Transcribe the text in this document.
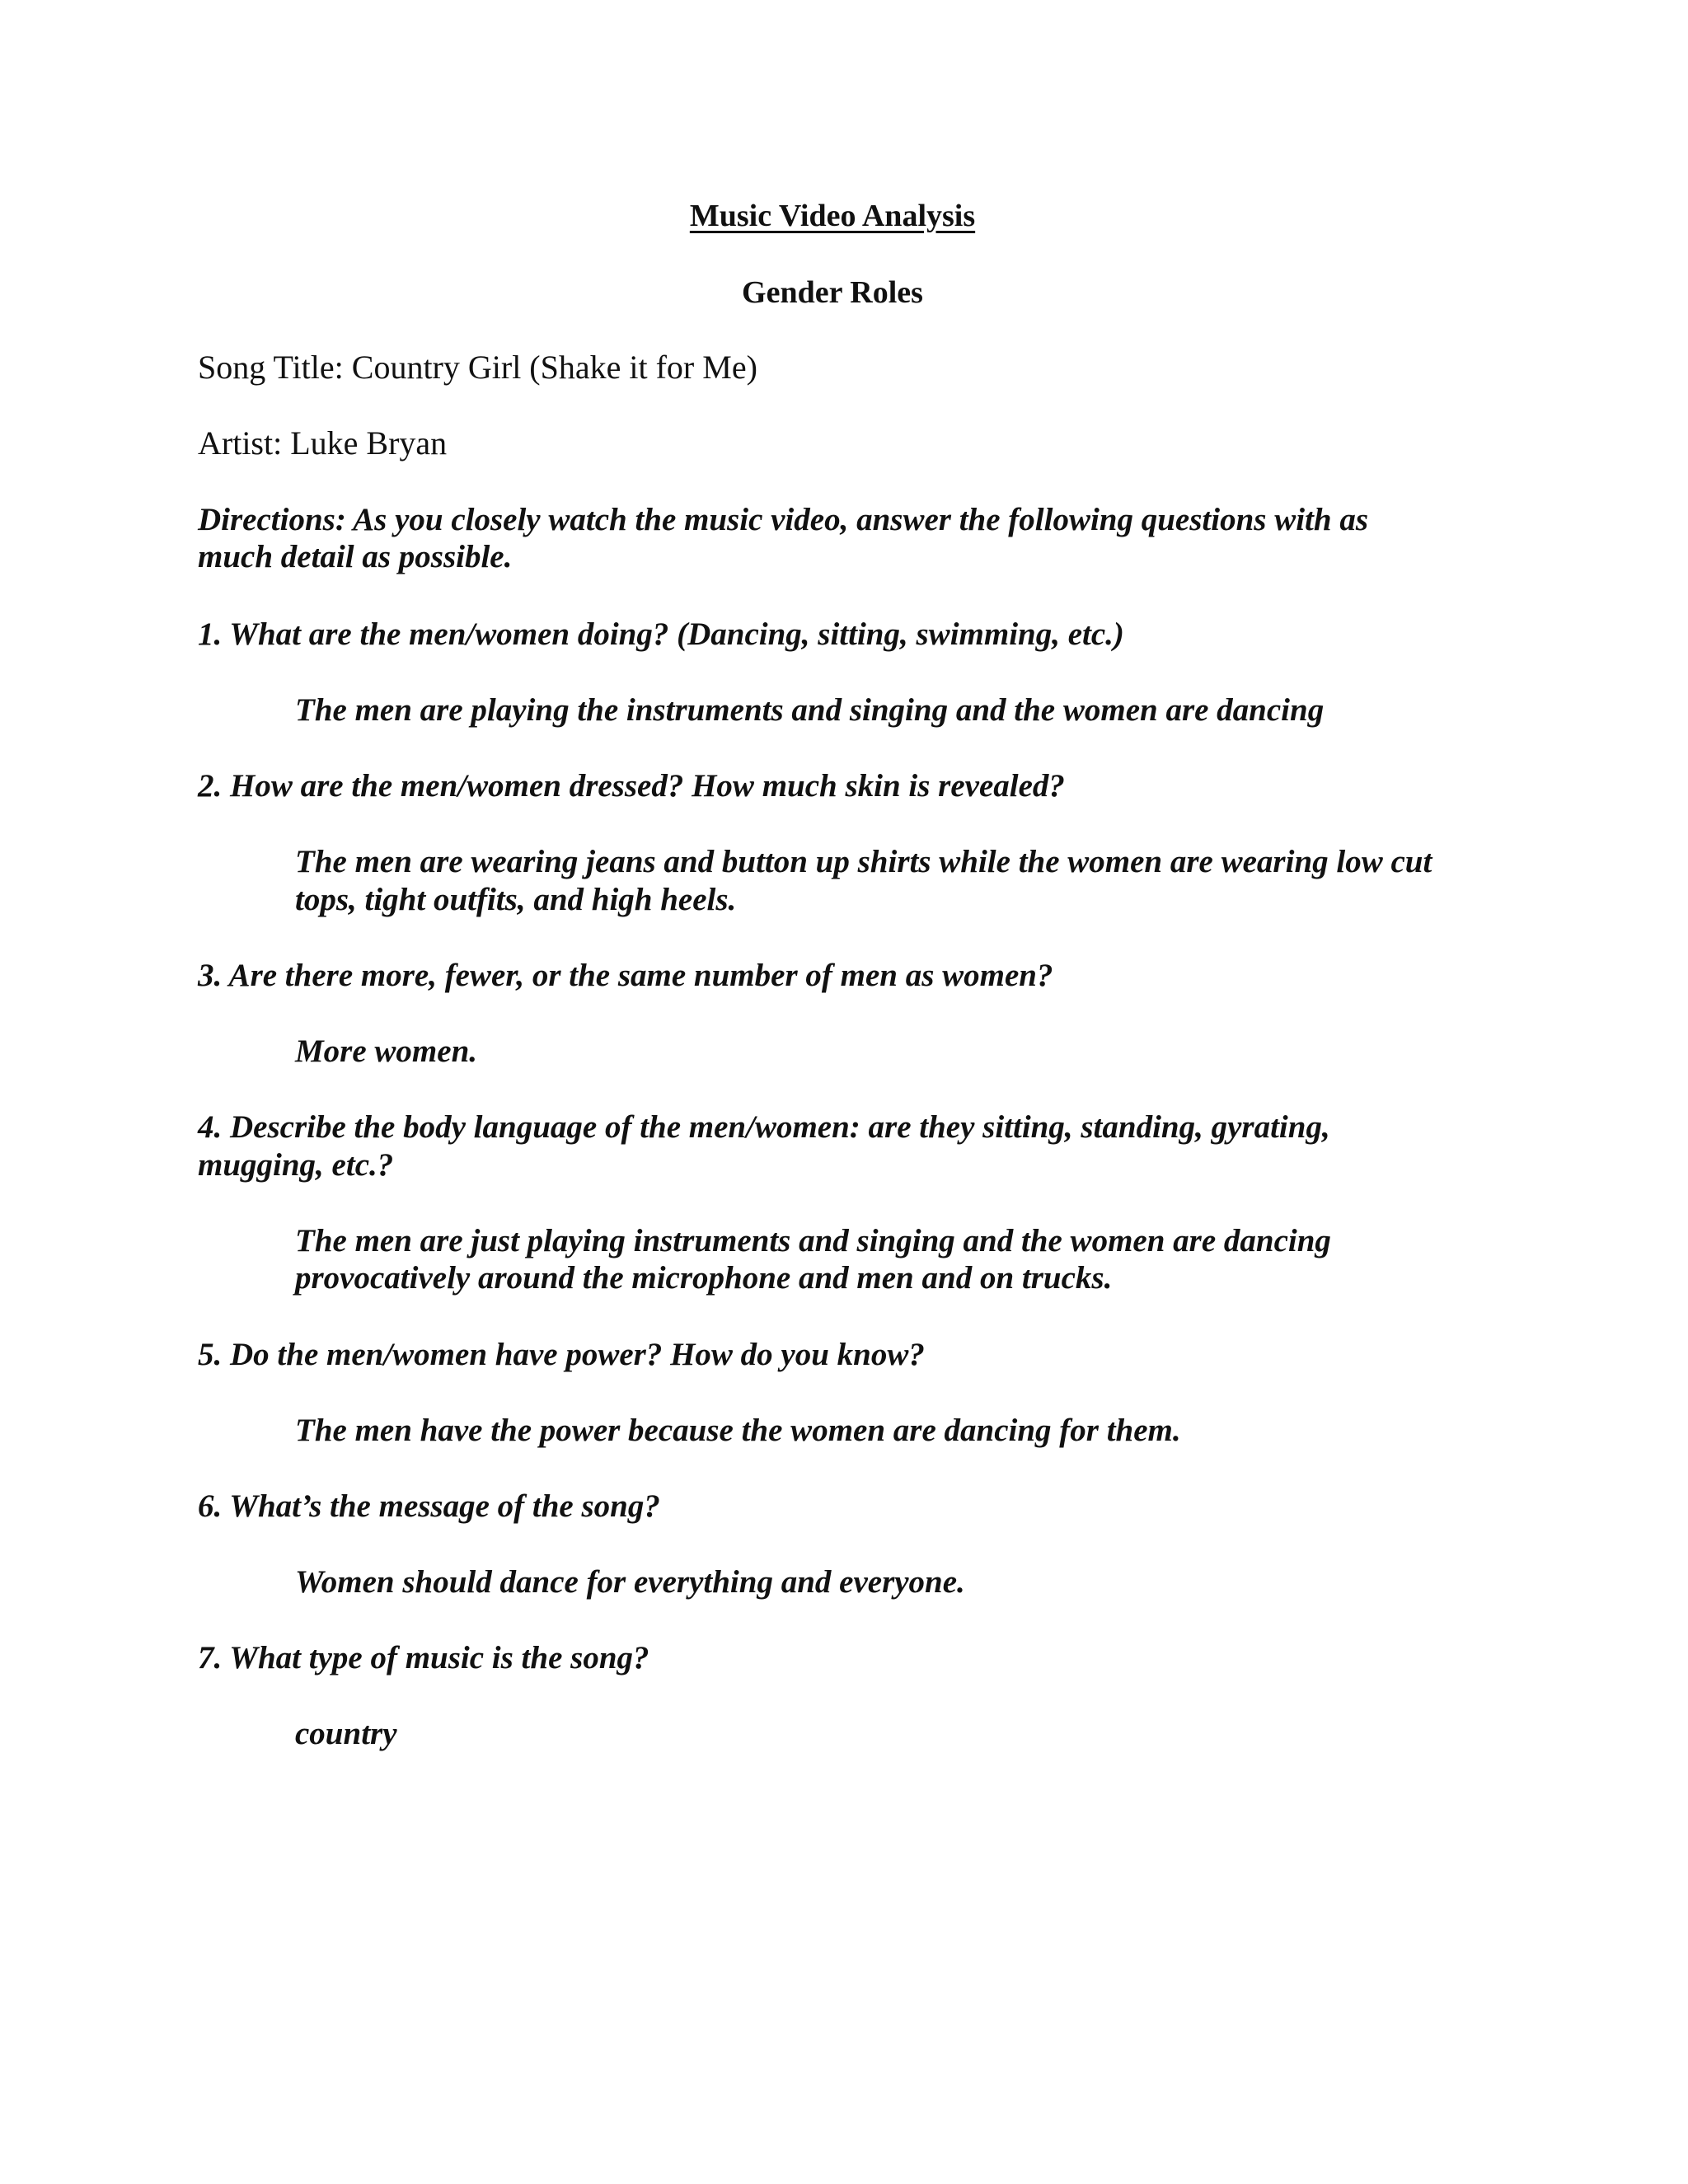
Music Video Analysis
Gender Roles
Song Title: Country Girl (Shake it for Me)
Artist: Luke Bryan
Directions: As you closely watch the music video, answer the following questions with as
much detail as possible.
1. What are the men/women doing? (Dancing, sitting, swimming, etc.)
The men are playing the instruments and singing and the women are dancing
2. How are the men/women dressed? How much skin is revealed?
The men are wearing jeans and button up shirts while the women are wearing low cut
tops, tight outfits, and high heels.
3. Are there more, fewer, or the same number of men as women?
More women.
4. Describe the body language of the men/women: are they sitting, standing, gyrating,
mugging, etc.?
The men are just playing instruments and singing and the women are dancing
provocatively around the microphone and men and on trucks.
5. Do the men/women have power? How do you know?
The men have the power because the women are dancing for them.
6. What’s the message of the song?
Women should dance for everything and everyone.
7. What type of music is the song?
country
